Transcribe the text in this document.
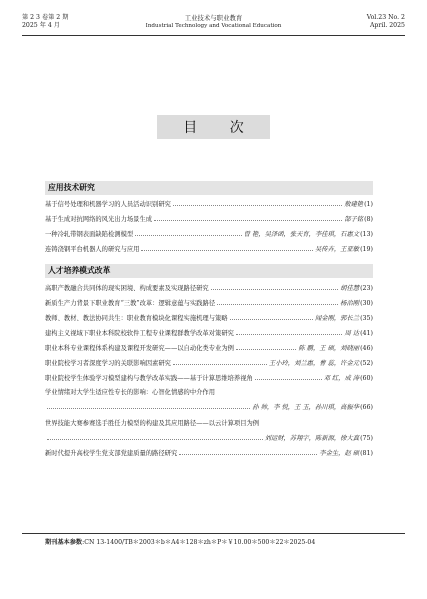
第 2 3 卷第 2 期
2025 年 4 月
工业技术与职业教育
Industrial Technology and Vocational Education
Vol.23 No. 2
April. 2025
目 次
应用技术研究
基于信号处理和机器学习的人员活动识别研究	敖建艳 (1)
基于生成对抗网络的风光出力场景生成	郜子铭 (8)
一种冷轧带钢表面缺陷检测模型	曾 艳，吴泽函，张天育，李佳琪，石惠文 (13)
连铸浇钢平台机器人的研究与应用	吴传卉，王亚敏 (19)
人才培养模式改革
高职产教融合共同体的现实困境、构成要素及实现路径研究	胡佳慧 (23)
新质生产力背景下职业教育“三教”改革：逻辑意蕴与实践路径	杨治刚 (30)
教师、教材、教法协同共生：职业教育模块化课程实施机理与策略	闻金刚，郭长兰 (35)
建构主义视域下职业本科院校软件工程专业课程群教学改革对策研究	周 达 (41)
职业本科专业课程体系构建及课程开发研究——以自动化类专业为例	陈 鹏，王 硕，刘晓丽 (46)
职业院校学习者深度学习的关联影响因素研究	王小玲，刘兰惠，曹 蕊，许金元 (52)
职业院校学生体验学习模型建构与教学改革实践——基于计算思维培养视角	邓 红，成 涛 (60)
学业情绪对大学生适应性专长的影响：心智化情感的中介作用
孙 帅，李 悦，王 玉，孙川琪，高振华 (66)
世界技能大赛参赛选手胜任力模型的构建及其应用路径——以云计算项目为例
刘运财，苏翔宇，陈新源，徐大真 (75)
新时代提升高校学生党支部党建质量的路径研究	李金生，赵 硕 (81)
期刊基本参数:CN 13-1400/TB＊2003＊b＊A4＊128＊zh＊P＊￥10.00＊500＊22＊2025-04
